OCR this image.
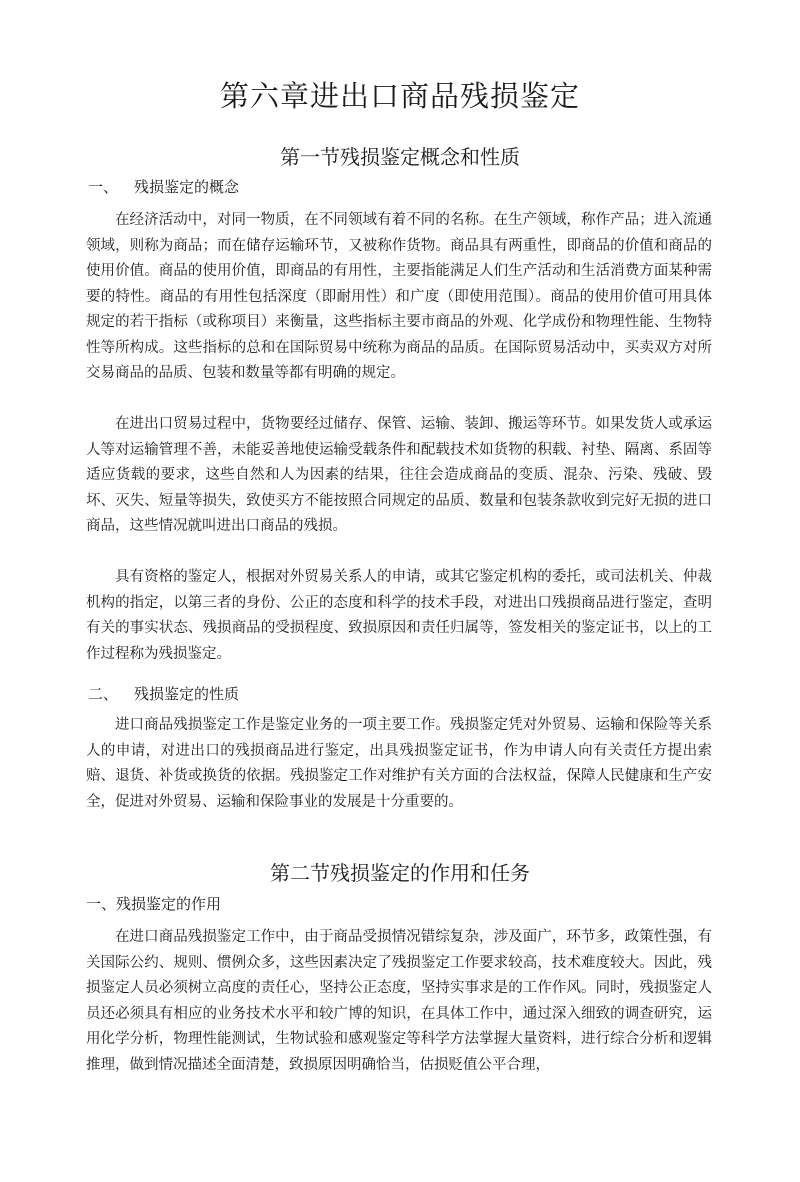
第六章进出口商品残损鉴定
第一节残损鉴定概念和性质
一、 残损鉴定的概念

在经济活动中，对同一物质，在不同领域有着不同的名称。在生产领域，称作产品；进入流通领域，则称为商品；而在储存运输环节，又被称作货物。商品具有两重性，即商品的价值和商品的使用价值。商品的使用价值，即商品的有用性，主要指能满足人们生产活动和生活消费方面某种需要的特性。商品的有用性包括深度（即耐用性）和广度（即使用范围）。商品的使用价值可用具体规定的若干指标（或称项目）来衡量，这些指标主要市商品的外观、化学成份和物理性能、生物特性等所构成。这些指标的总和在国际贸易中统称为商品的品质。在国际贸易活动中，买卖双方对所交易商品的品质、包装和数量等都有明确的规定。

在进出口贸易过程中，货物要经过储存、保管、运输、装卸、搬运等环节。如果发货人或承运人等对运输管理不善，未能妥善地使运输受载条件和配载技术如货物的积载、衬垫、隔离、系固等适应货载的要求，这些自然和人为因素的结果，往往会造成商品的变质、混杂、污染、残破、毁坏、灭失、短量等损失，致使买方不能按照合同规定的品质、数量和包装条款收到完好无损的进口商品，这些情况就叫进出口商品的残损。

具有资格的鉴定人，根据对外贸易关系人的申请，或其它鉴定机构的委托，或司法机关、仲裁机构的指定，以第三者的身份、公正的态度和科学的技术手段，对进出口残损商品进行鉴定，查明有关的事实状态、残损商品的受损程度、致损原因和责任归属等，签发相关的鉴定证书，以上的工作过程称为残损鉴定。

二、 残损鉴定的性质

进口商品残损鉴定工作是鉴定业务的一项主要工作。残损鉴定凭对外贸易、运输和保险等关系人的申请，对进出口的残损商品进行鉴定，出具残损鉴定证书，作为申请人向有关责任方提出索赔、退货、补货或换货的依据。残损鉴定工作对维护有关方面的合法权益，保障人民健康和生产安全，促进对外贸易、运输和保险事业的发展是十分重要的。

第二节残损鉴定的作用和任务
一、残损鉴定的作用

在进口商品残损鉴定工作中，由于商品受损情况错综复杂，涉及面广，环节多，政策性强，有关国际公约、规则、惯例众多，这些因素决定了残损鉴定工作要求较高，技术难度较大。因此，残损鉴定人员必须树立高度的责任心，坚持公正态度，坚持实事求是的工作作风。同时，残损鉴定人员还必须具有相应的业务技术水平和较广博的知识，在具体工作中，通过深入细致的调查研究，运用化学分析，物理性能测试，生物试验和感观鉴定等科学方法掌握大量资料，进行综合分析和逻辑推理，做到情况描述全面清楚，致损原因明确恰当，估损贬值公平合理，
